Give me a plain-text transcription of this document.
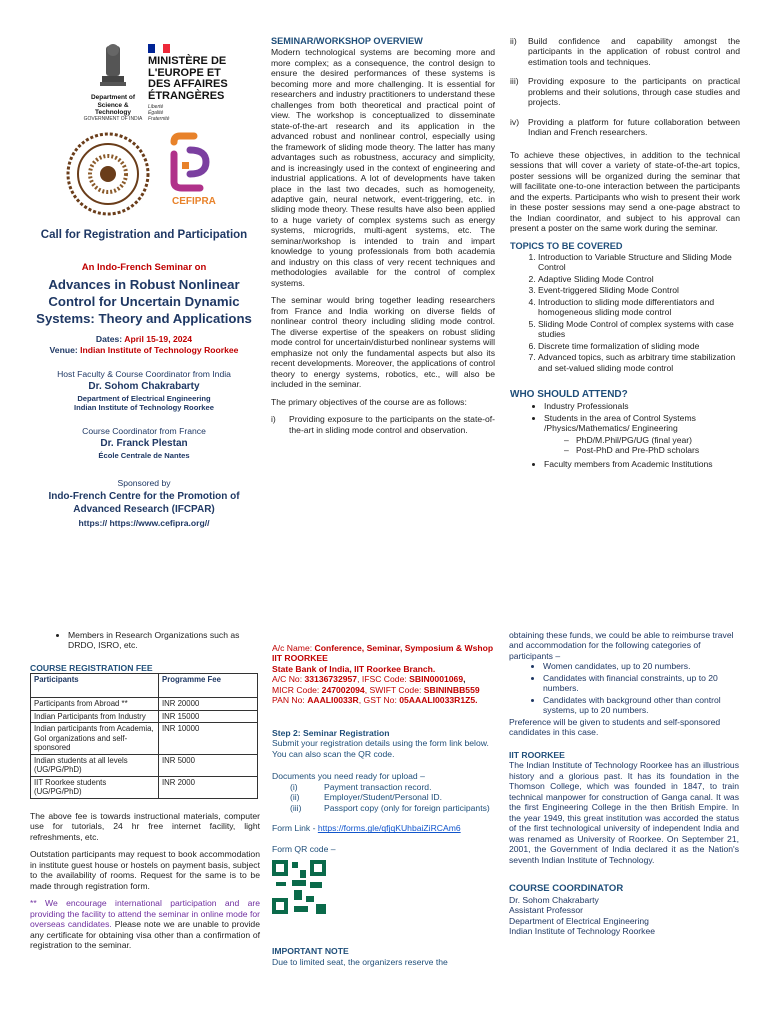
Department of Science & Technology
GOVERNMENT OF INDIA
MINISTÈRE DE L'EUROPE ET DES AFFAIRES ÉTRANGÈRES
Liberté Égalité Fraternité
CEFIPRA
Call for Registration and Participation
An Indo-French Seminar on
Advances in Robust Nonlinear Control for Uncertain Dynamic Systems: Theory and Applications
Dates: April 15-19, 2024
Venue: Indian Institute of Technology Roorkee
Host Faculty & Course Coordinator from India
Dr. Sohom Chakrabarty
Department of Electrical Engineering
Indian Institute of Technology Roorkee
Course Coordinator from France
Dr. Franck Plestan
École Centrale de Nantes
Sponsored by
Indo-French Centre for the Promotion of Advanced Research (IFCPAR)
https:// https://www.cefipra.org//
SEMINAR/WORKSHOP OVERVIEW

Modern technological systems are becoming more and more complex; as a consequence, the control design to ensure the desired performances of these systems is becoming more and more challenging. It is essential for researchers and industry practitioners to understand these challenges from both theoretical and practical point of view. The workshop is conceptualized to disseminate state-of-the-art research and its application in the advanced robust and nonlinear control, especially using the framework of sliding mode theory. The latter has many advantages such as robustness, accuracy and simplicity, and is increasingly used in the context of engineering and industrial applications. A lot of developments have taken place in the last two decades, such as homogeneity, adaptive gain, neural network, event-triggering, etc. in sliding mode theory. These results have also been applied to a huge variety of complex systems such as energy systems, microgrids, multi-agent systems, etc. The seminar/workshop is intended to train and impart knowledge to young professionals from both academia and industry on this class of very recent techniques and methodologies available for the control of complex systems.

The seminar would bring together leading researchers from France and India working on diverse fields of nonlinear control theory including sliding mode control. The diverse expertise of the speakers on robust sliding mode control for uncertain/disturbed nonlinear systems will emphasize not only the fundamental aspects but also its recent developments. Moreover, the applications of control theory to energy systems, robotics, etc., will also be included in the seminar.

The primary objectives of the course are as follows:

i)	Providing exposure to the participants on the state-of-the-art in sliding mode control and observation.
ii)	Build confidence and capability amongst the participants in the application of robust control and estimation tools and techniques.
iii)	Providing exposure to the participants on practical problems and their solutions, through case studies and projects.
iv)	Providing a platform for future collaboration between Indian and French researchers.

To achieve these objectives, in addition to the technical sessions that will cover a variety of state-of-the-art topics, poster sessions will be organized during the seminar that will facilitate one-to-one interaction between the participants and the experts. Participants who wish to present their work in these poster sessions may send a one-page abstract to the Indian coordinator, and subject to his approval can present a poster on the same work during the seminar.

TOPICS TO BE COVERED
1. Introduction to Variable Structure and Sliding Mode Control
2. Adaptive Sliding Mode Control
3. Event-triggered Sliding Mode Control
4. Introduction to sliding mode differentiators and homogeneous sliding mode control
5. Sliding Mode Control of complex systems with case studies
6. Discrete time formalization of sliding mode
7. Advanced topics, such as arbitrary time stabilization and set-valued sliding mode control
WHO SHOULD ATTEND?
• Industry Professionals
• Students in the area of Control Systems /Physics/Mathematics/ Engineering
–   PhD/M.Phil/PG/UG (final year)
–   Post-PhD and Pre-PhD scholars
• Faculty members from Academic Institutions
• Members in Research Organizations such as DRDO, ISRO, etc.
COURSE REGISTRATION FEE
Participants	Programme Fee
Participants from Abroad **	INR 20000
Indian Participants from Industry	INR 15000
Indian participants from Academia, GoI organizations and self-sponsored	INR 10000
Indian students at all levels (UG/PG/PhD)	INR 5000
IIT Roorkee students (UG/PG/PhD)	INR 2000

The above fee is towards instructional materials, computer use for tutorials, 24 hr free internet facility, light refreshments, etc.

Outstation participants may request to book accommodation in institute guest house or hostels on payment basis, subject to the availability of rooms. Request for the same is to be made through registration form.

** We encourage international participation and are providing the facility to attend the seminar in online mode for overseas candidates. Please note we are unable to provide any certificate for obtaining visa other than a confirmation of registration to the seminar.
A/c Name: Conference, Seminar, Symposium & Wshop IIT ROORKEE
State Bank of India, IIT Roorkee Branch.
A/C No: 33136732957, IFSC Code: SBIN0001069,
MICR Code: 247002094, SWIFT Code: SBININBB559
PAN No: AAALI0033R, GST No: 05AAALI0033R1Z5.
Step 2: Seminar Registration
Submit your registration details using the form link below. You can also scan the QR code.
Documents you need ready for upload –
(i)	Payment transaction record.
(ii)	Employer/Student/Personal ID.
(iii)	Passport copy (only for foreign participants)
Form Link - https://forms.gle/qfjqKUhbaiZiRCAm6
Form QR code –
IMPORTANT NOTE
Due to limited seat, the organizers reserve the
obtaining these funds, we could be able to reimburse travel and accommodation for the following categories of participants –
• Women candidates, up to 20 numbers.
• Candidates with financial constraints, up to 20 numbers.
• Candidates with background other than control systems, up to 20 numbers.
Preference will be given to students and self-sponsored candidates in this case.
IIT ROORKEE
The Indian Institute of Technology Roorkee has an illustrious history and a glorious past. It has its foundation in the Thomson College, which was founded in 1847, to train technical manpower for construction of Ganga canal. It was the first Engineering College in the then British Empire. In the year 1949, this great institution was accorded the status of the first technological university of independent India and was renamed as University of Roorkee. On September 21, 2001, the Government of India declared it as the Nation's seventh Indian Institute of Technology.
COURSE COORDINATOR
Dr. Sohom Chakrabarty
Assistant Professor
Department of Electrical Engineering
Indian Institute of Technology Roorkee
